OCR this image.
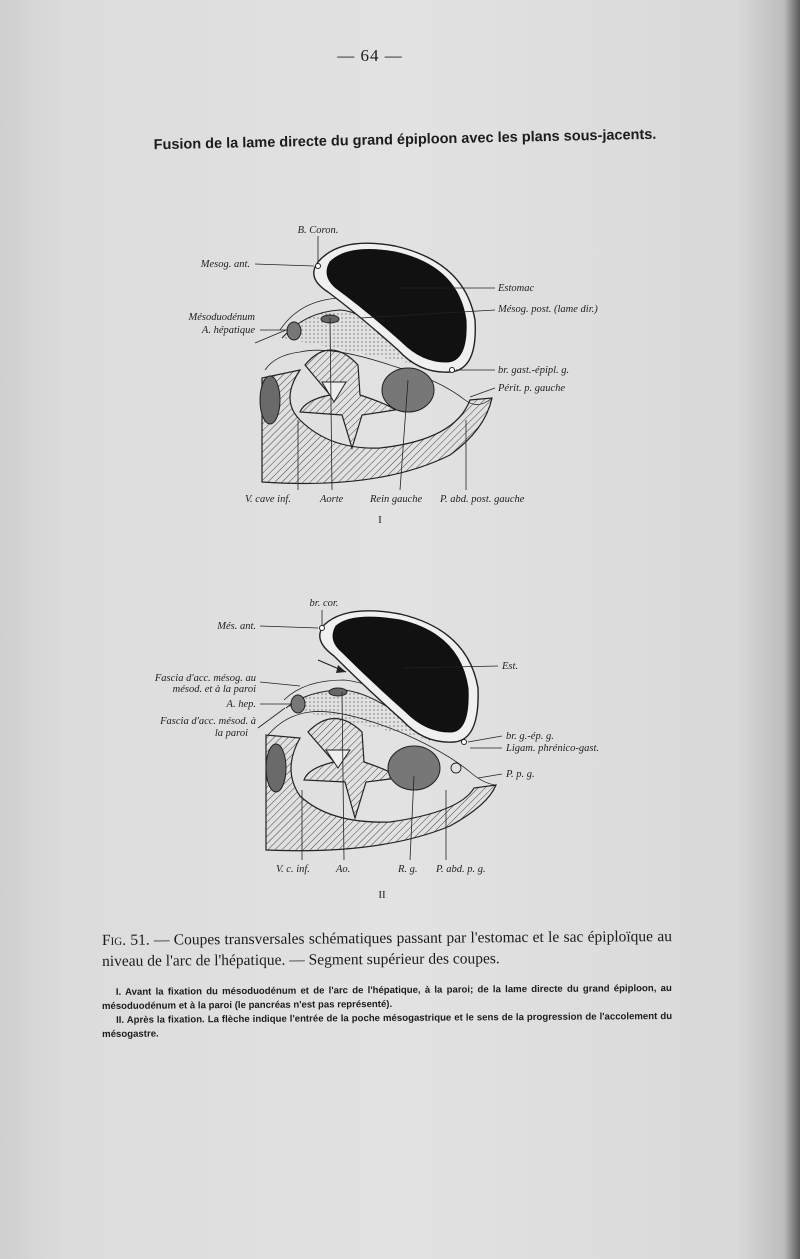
— 64 —
Fusion de la lame directe du grand épiploon avec les plans sous-jacents.
B. Coron.
Mesog. ant.
Mésoduodénum
A. hépatique
Estomac
Mésog. post. (lame dir.)
br. gast.-épipl. g.
Périt. p. gauche
V. cave inf.	Aorte	Rein gauche P. abd. post. gauche
I
br. cor.
Més. ant.
Fascia d'acc. mésog. au
mésod. et à la paroi
A. hep.
Fascia d'acc. mésod. à
la paroi
Est.
br. g.-ép. g.
Ligam. phrénico-gast.
P. p. g.
V. c. inf. Ao.	R. g. P. abd. p. g.
II
Fig. 51. — Coupes transversales schématiques passant par l'estomac et le sac épiploïque au niveau de l'arc de l'hépatique. — Segment supérieur des coupes.

I. Avant la fixation du mésoduodénum et de l'arc de l'hépatique, à la paroi; de la lame directe du grand épiploon, au mésoduodénum et à la paroi (le pancréas n'est pas représenté).

II. Après la fixation. La flèche indique l'entrée de la poche mésogastrique et le sens de la progression de l'accolement du mésogastre.
